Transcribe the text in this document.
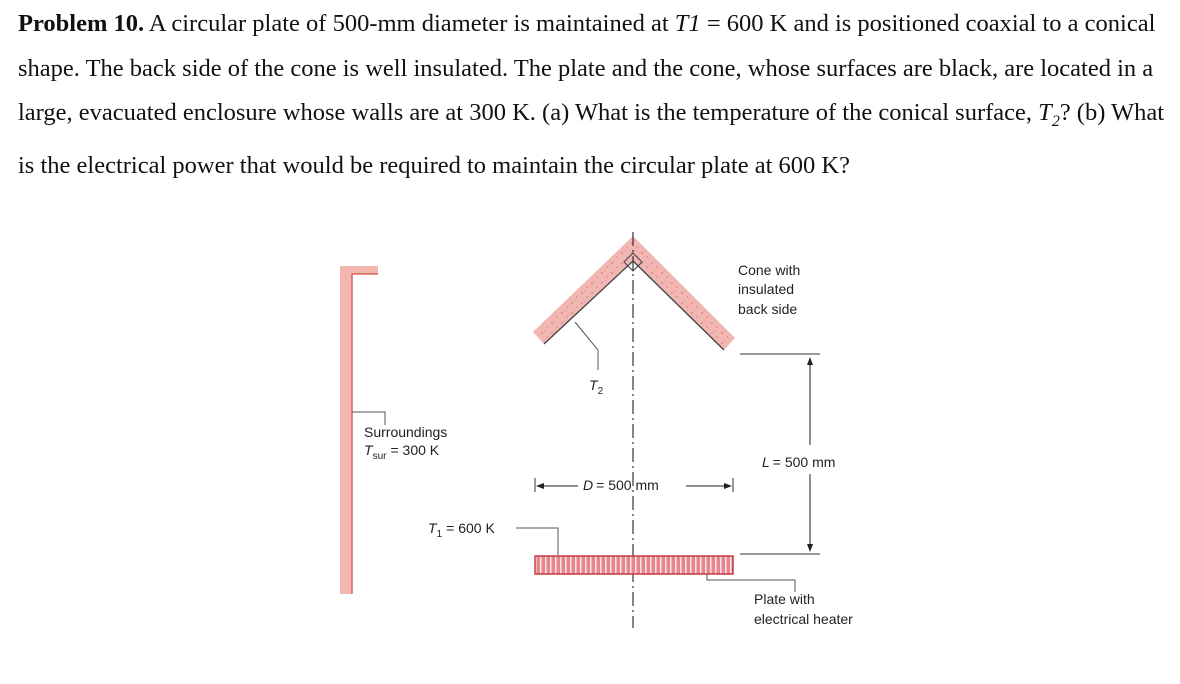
Problem 10. A circular plate of 500-mm diameter is maintained at T1 = 600 K and is positioned coaxial to a conical shape. The back side of the cone is well insulated. The plate and the cone, whose surfaces are black, are located in a large, evacuated enclosure whose walls are at 300 K. (a) What is the temperature of the conical surface, $T_2$? (b) What is the electrical power that would be required to maintain the circular plate at 600 K?
Cone with insulated back side
$T_2$
Surroundings
$T_{sur} = 300$ K
D = 500 mm
L = 500 mm
$T_1 = 600$ K
Plate with electrical heater
